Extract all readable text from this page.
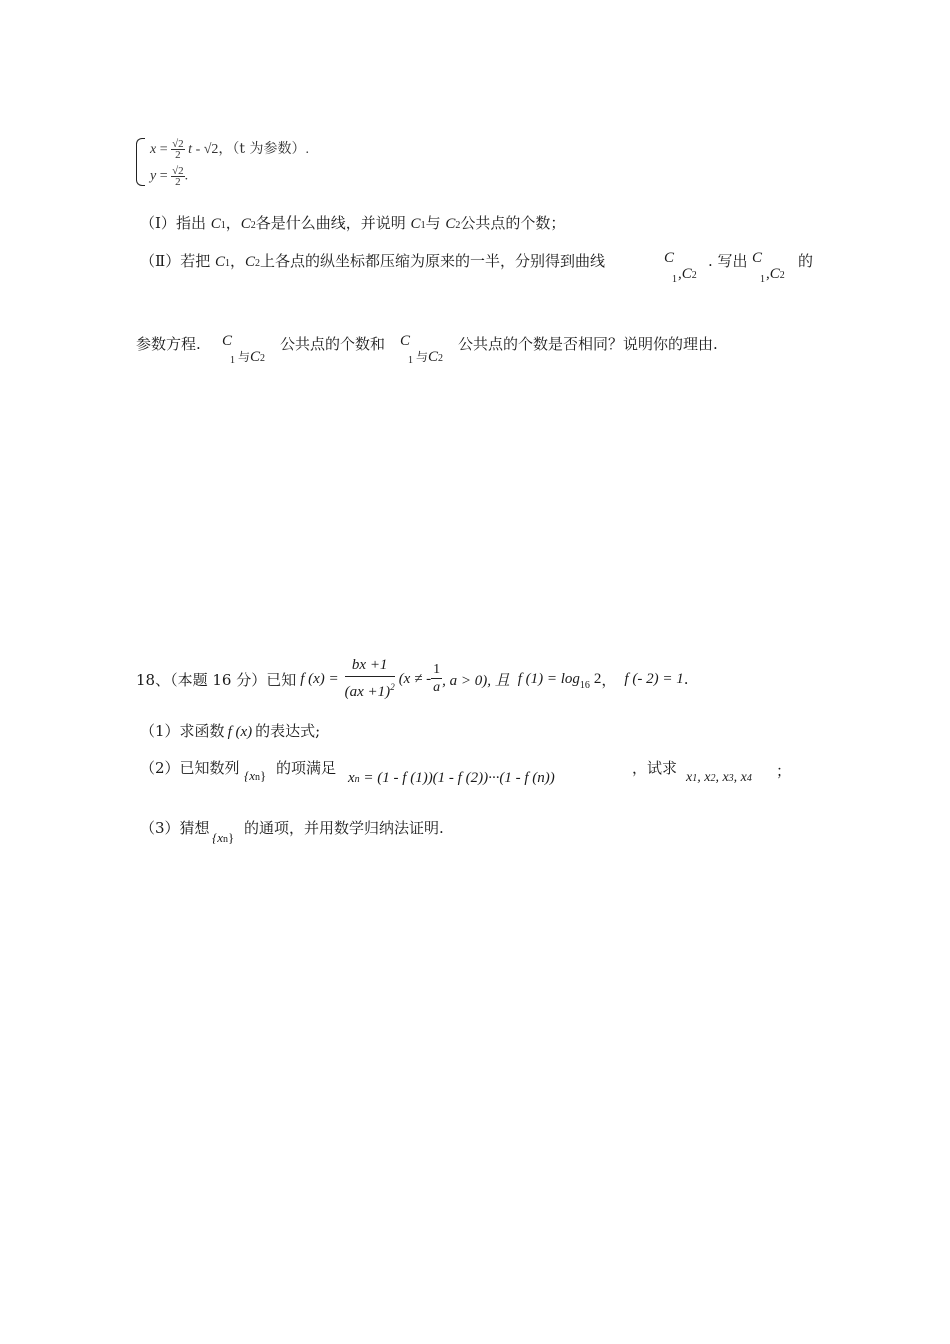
$x = \frac{√2}{2}$ t - √2，（t 为参数）.
$y = \frac{√2}{2}$ .
（Ⅰ）指出 C1，C2各是什么曲线，并说明 C1与 C2公共点的个数；
（Ⅱ）若把 C1，C2上各点的纵坐标都压缩为原来的一半，分别得到曲线	C
1 ,C2
. 写出 C
1 ,C2
的
参数方程. C
1 与C2
公共点的个数和 C
1 与C2
公共点的个数是否相同？说明你的理由.
18、（本题 16 分）已知 f $(x) = \frac{bx +1}{(ax +1)^2} (x$ ≠ - $\frac{1}{a}$ , a > 0), 且 f (1) = log 16 2 ， f (- 2) = 1 .
（1）求函数 f (x) 的表达式;
（2）已知数列 {xn} 的项满足
xn = (1 - f (1))(1 - f (2))···(1 - f (n))
，试求
x1, x2, x3, x4 ；
（3）猜想
{xn}
的通项，并用数学归纳法证明.
